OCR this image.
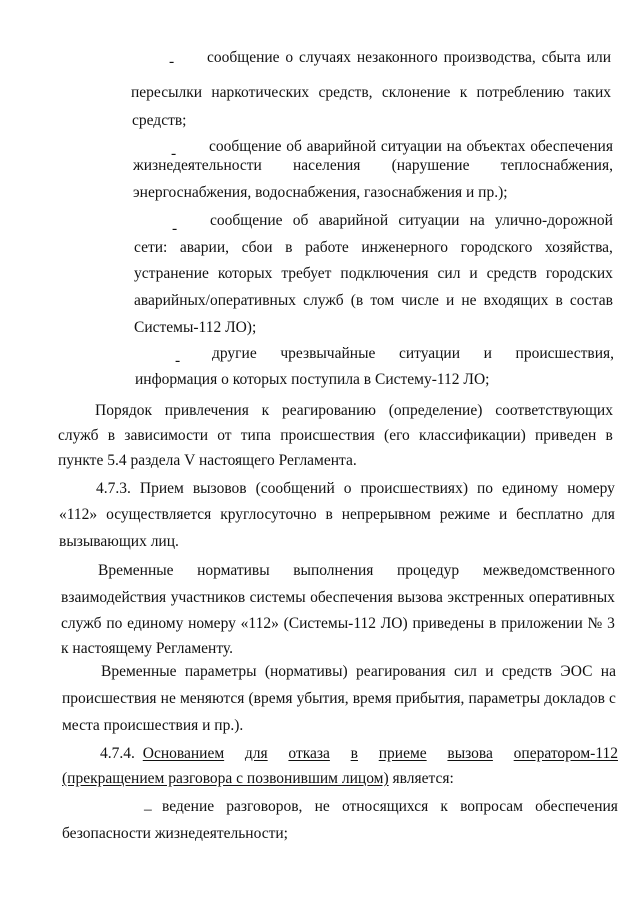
- сообщение о случаях незаконного производства, сбыта или
пересылки наркотических средств, склонение к потреблению таких
средств;
- сообщение об аварийной ситуации на объектах обеспечения
жизнедеятельности населения (нарушение теплоснабжения,
энергоснабжения, водоснабжения, газоснабжения и пр.);
- сообщение об аварийной ситуации на улично-дорожной
сети: аварии, сбои в работе инженерного городского хозяйства,
устранение которых требует подключения сил и средств городских
аварийных/оперативных служб (в том числе и не входящих в состав
Системы-112 ЛО);
- другие чрезвычайные ситуации и происшествия,
информация о которых поступила в Систему-112 ЛО;
Порядок привлечения к реагированию (определение) соответствующих
служб в зависимости от типа происшествия (его классификации) приведен в
пункте 5.4 раздела V настоящего Регламента.
4.7.3. Прием вызовов (сообщений о происшествиях) по единому номеру
«112» осуществляется круглосуточно в непрерывном режиме и бесплатно для
вызывающих лиц.
Временные нормативы выполнения процедур межведомственного
взаимодействия участников системы обеспечения вызова экстренных оперативных
служб по единому номеру «112» (Системы-112 ЛО) приведены в приложении № 3
к настоящему Регламенту.
Временные параметры (нормативы) реагирования сил и средств ЭОС на
происшествия не меняются (время убытия, время прибытия, параметры докладов с
места происшествия и пр.).
4.7.4. Основанием для отказа в приеме вызова оператором-112
(прекращением разговора с позвонившим лицом) является:
– ведение разговоров, не относящихся к вопросам обеспечения
безопасности жизнедеятельности;
